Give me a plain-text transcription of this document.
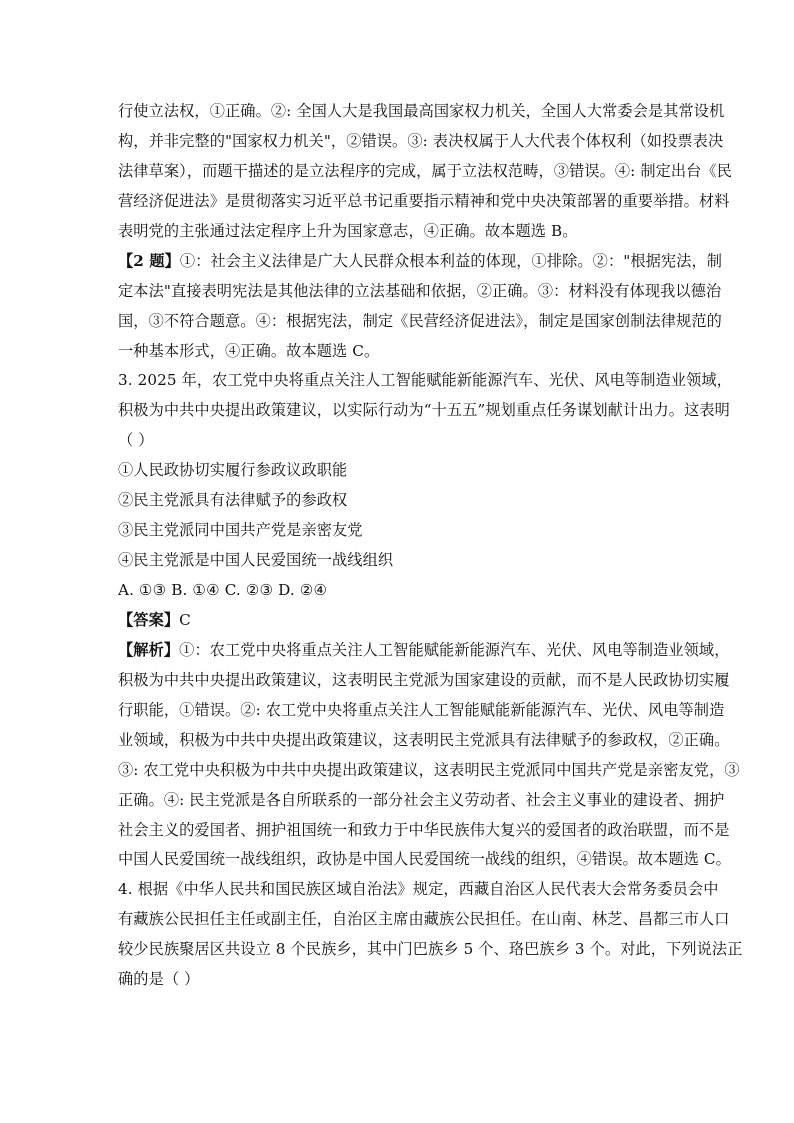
行使立法权，①正确。②: 全国人大是我国最高国家权力机关，全国人大常委会是其常设机
构，并非完整的"国家权力机关"，②错误。③: 表决权属于人大代表个体权利（如投票表决
法律草案），而题干描述的是立法程序的完成，属于立法权范畴，③错误。④: 制定出台《民
营经济促进法》是贯彻落实习近平总书记重要指示精神和党中央决策部署的重要举措。材料
表明党的主张通过法定程序上升为国家意志，④正确。故本题选 B。
【2 题】①：社会主义法律是广大人民群众根本利益的体现，①排除。②："根据宪法，制
定本法"直接表明宪法是其他法律的立法基础和依据，②正确。③：材料没有体现我以德治
国，③不符合题意。④：根据宪法，制定《民营经济促进法》，制定是国家创制法律规范的
一种基本形式，④正确。故本题选 C。
3. 2025 年，农工党中央将重点关注人工智能赋能新能源汽车、光伏、风电等制造业领域，
积极为中共中央提出政策建议，以实际行动为“十五五”规划重点任务谋划献计出力。这表明
（ ）
①人民政协切实履行参政议政职能
②民主党派具有法律赋予的参政权
③民主党派同中国共产党是亲密友党
④民主党派是中国人民爱国统一战线组织
A. ①③ B. ①④ C. ②③ D. ②④
【答案】C
【解析】①：农工党中央将重点关注人工智能赋能新能源汽车、光伏、风电等制造业领域，
积极为中共中央提出政策建议，这表明民主党派为国家建设的贡献，而不是人民政协切实履
行职能，①错误。②: 农工党中央将重点关注人工智能赋能新能源汽车、光伏、风电等制造
业领域，积极为中共中央提出政策建议，这表明民主党派具有法律赋予的参政权，②正确。
③: 农工党中央积极为中共中央提出政策建议，这表明民主党派同中国共产党是亲密友党，③
正确。④: 民主党派是各自所联系的一部分社会主义劳动者、社会主义事业的建设者、拥护
社会主义的爱国者、拥护祖国统一和致力于中华民族伟大复兴的爱国者的政治联盟，而不是
中国人民爱国统一战线组织，政协是中国人民爱国统一战线的组织，④错误。故本题选 C。
4. 根据《中华人民共和国民族区域自治法》规定，西藏自治区人民代表大会常务委员会中
有藏族公民担任主任或副主任，自治区主席由藏族公民担任。在山南、林芝、昌都三市人口
较少民族聚居区共设立 8 个民族乡，其中门巴族乡 5 个、珞巴族乡 3 个。对此，下列说法正
确的是（ ）
